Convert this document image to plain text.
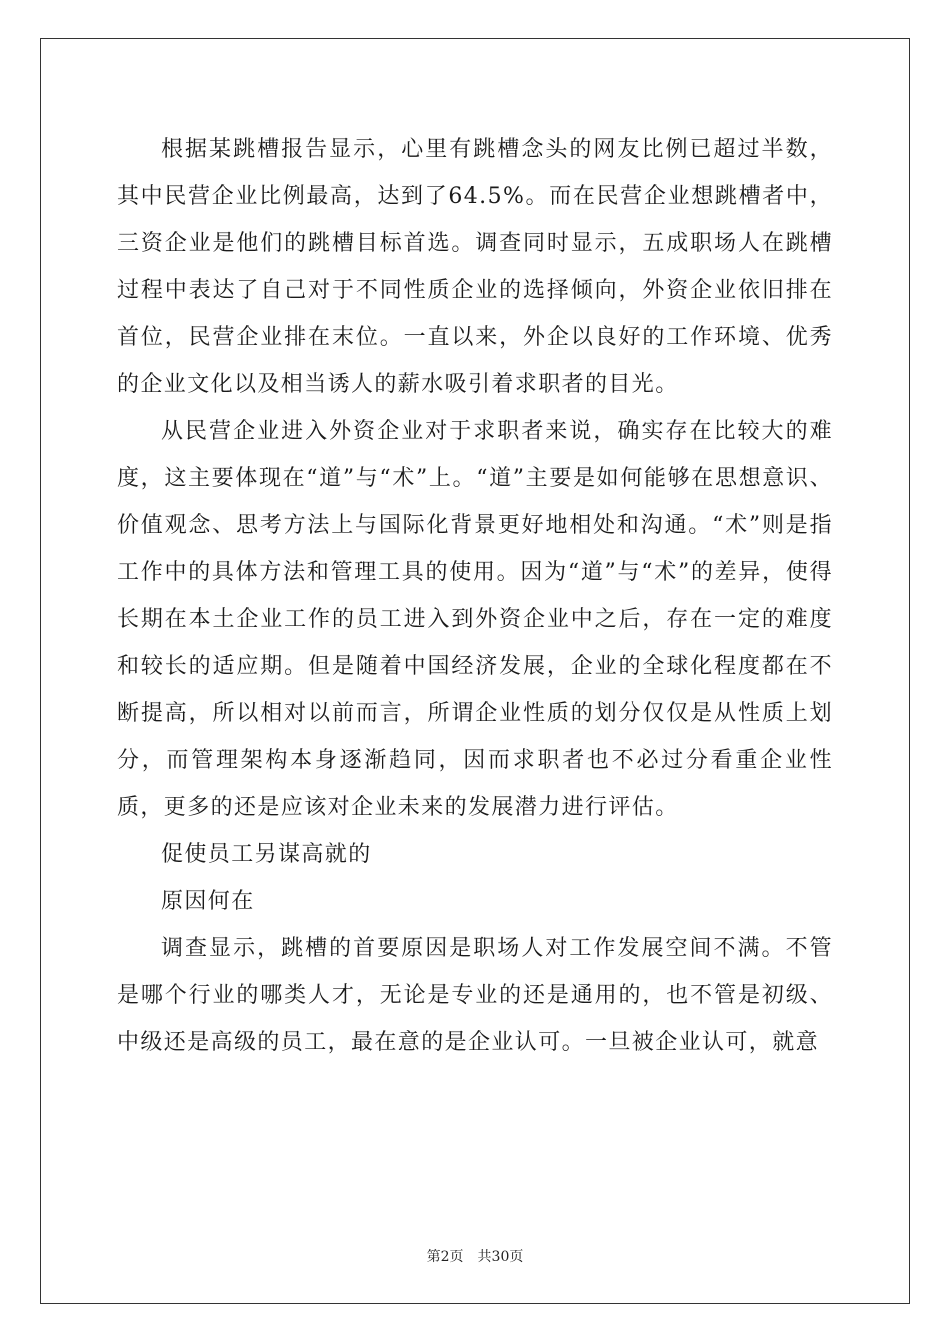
根据某跳槽报告显示，心里有跳槽念头的网友比例已超过半数，其中民营企业比例最高，达到了64.5%。而在民营企业想跳槽者中，三资企业是他们的跳槽目标首选。调查同时显示，五成职场人在跳槽过程中表达了自己对于不同性质企业的选择倾向，外资企业依旧排在首位，民营企业排在末位。一直以来，外企以良好的工作环境、优秀的企业文化以及相当诱人的薪水吸引着求职者的目光。

从民营企业进入外资企业对于求职者来说，确实存在比较大的难度，这主要体现在“道”与“术”上。“道”主要是如何能够在思想意识、价值观念、思考方法上与国际化背景更好地相处和沟通。“术”则是指工作中的具体方法和管理工具的使用。因为“道”与“术”的差异，使得长期在本土企业工作的员工进入到外资企业中之后，存在一定的难度和较长的适应期。但是随着中国经济发展，企业的全球化程度都在不断提高，所以相对以前而言，所谓企业性质的划分仅仅是从性质上划分，而管理架构本身逐渐趋同，因而求职者也不必过分看重企业性质，更多的还是应该对企业未来的发展潜力进行评估。

促使员工另谋高就的

原因何在

调查显示，跳槽的首要原因是职场人对工作发展空间不满。不管是哪个行业的哪类人才，无论是专业的还是通用的，也不管是初级、中级还是高级的员工，最在意的是企业认可。一旦被企业认可，就意

第2页 共30页
